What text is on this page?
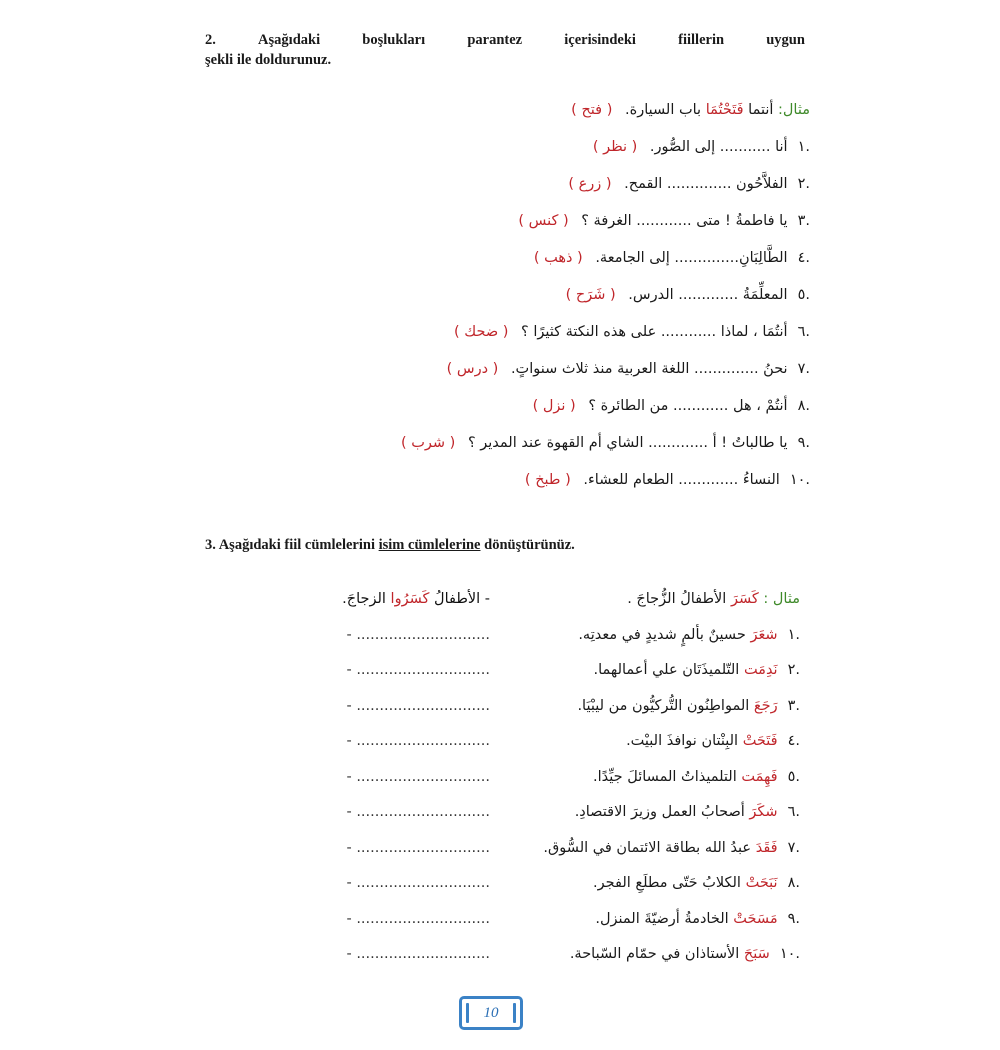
2.	Aşağıdaki	boşlukları	parantez	içerisindeki	fiillerin	uygun
şekli ile doldurunuz.
مثال: أنتما فَتَحْتُمَا باب السيارة. ( فتح )
.١أنا ........... إلى الصُّور. ( نظر )
.٢الفلاَّحُون .............. القمح. ( زرع )
.٣يا فاطمةُ ! متى ............ الغرفة ؟ ( كنس )
.٤الطَّالِبَانِ.............. إلى الجامعة. ( ذهب )
.٥المعلِّمَةُ ............. الدرس. ( شَرَح )
.٦أنتُمَا ، لماذا ............ على هذه النكتة كثيرًا ؟ ( ضحك )
.٧نحنُ .............. اللغة العربية منذ ثلاث سنواتٍ. ( درس )
.٨أنتُمْ ، هل ............ من الطائرة ؟ ( نزل )
.٩يا طالباتُ ! أ ............. الشاي أم القهوة عند المدير ؟ ( شرب )
.١٠النساءُ ............. الطعام للعشاء. ( طبخ )
3. Aşağıdaki fiil cümlelerini isim cümlelerine dönüştürünüz.
مثال : كَسَرَ الأطفالُ الزُّجاجَ .
- الأطفالُ كَسَرُوا الزجاجَ.
.١شعَرَ حسينٌ بألمٍ شديدٍ في معدتِه.
............................. -
.٢نَدِمَت التّلميذَتَان علي أعمالهما.
............................. -
.٣رَجَعَ المواطِنُون التُّركيُّون من ليبْيَا.
............................. -
.٤فَتَحَتْ البِنْتان نوافذَ البيْت.
............................. -
.٥فَهِمَت التلميذاتُ المسائلَ جيِّدًا.
............................. -
.٦شكَرَ أصحابُ العمل وزيرَ الاقتصادِ.
............................. -
.٧فَقَدَ عبدُ الله بطاقة الائتمان في السُّوق.
............................. -
.٨نَبَحَتْ الكلابُ حَتّى مطلَعِ الفجر.
............................. -
.٩مَسَحَتْ الخادمةُ أرضيّةَ المنزل.
............................. -
.١٠سَبَحَ الأستاذان في حمّام السّباحة.
............................. -
10
